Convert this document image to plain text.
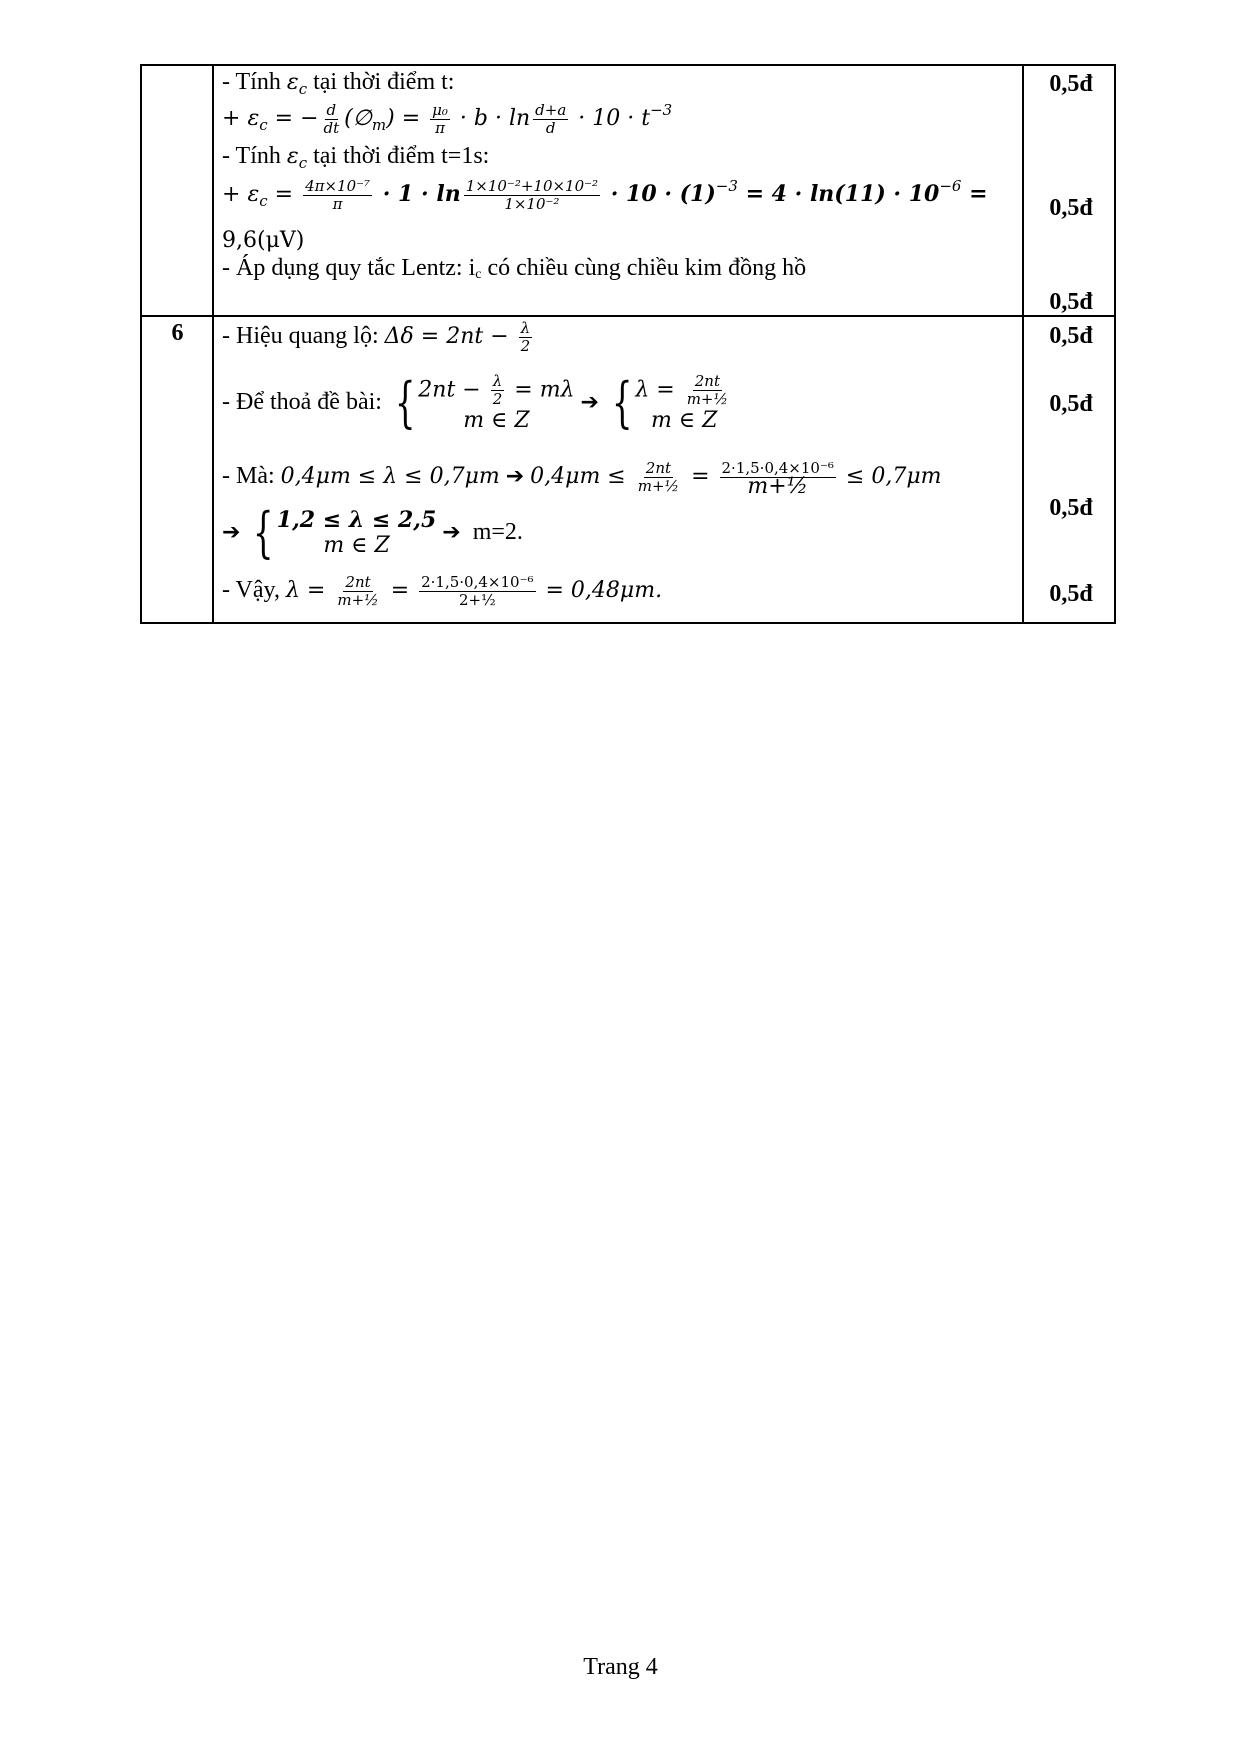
- Tính $\varepsilon_c$ tại thời điểm t:
+ $\varepsilon_c$ = − $\frac{d}{dt}$ $(\emptyset_m) = \frac{\text{μ₀}}{\pi} \cdot b \cdot \ln \frac{d+a}{d} \cdot 10 \cdot t^{-3}$
- Tính $\varepsilon_c$ tại thời điểm t=1s:
+ $\varepsilon_c = \frac{\text{4π×10⁻⁷}}{\pi} \cdot 1 \cdot \ln \frac{\text{1×10⁻²+10×10⁻²}}{\text{1×10⁻²}} \cdot 10 \cdot (1)^{-3} = 4 \cdot \ln(11) \cdot 10^{-6}$ =
9,6(μV)
- Áp dụng quy tắc Lentz: $i_c$ có chiều cùng chiều kim đồng hồ
0,5đ
0,5đ
0,5đ
6	- Hiệu quang lộ: $\Delta\delta = 2nt - \frac{\lambda}{2}$
- Để thoả đề bài: { $2nt - \frac{\lambda}{2} = m\lambda$
m ∈ Z
➔ { $\lambda = \frac{2nt}{\text{m+½}}$
m ∈ Z
- Mà: 0,4μm ≤ λ ≤ 0,7μm ➔ $0,4\mu m \le \frac{2nt}{\text{m+½}} = \frac{\text{2·1,5·0,4×10⁻⁶}}{\text{m+½}} \le 0,7\mu m$
➔ { 1,2 ≤ λ ≤ 2,5
m ∈ Z
➔ m=2.
- Vậy, $\lambda = \frac{2nt}{\text{m+½}} = \frac{\text{2·1,5·0,4×10⁻⁶}}{\text{2+½}} = 0,48\mu m$.
0,5đ
0,5đ
0,5đ
0,5đ
Trang 4
